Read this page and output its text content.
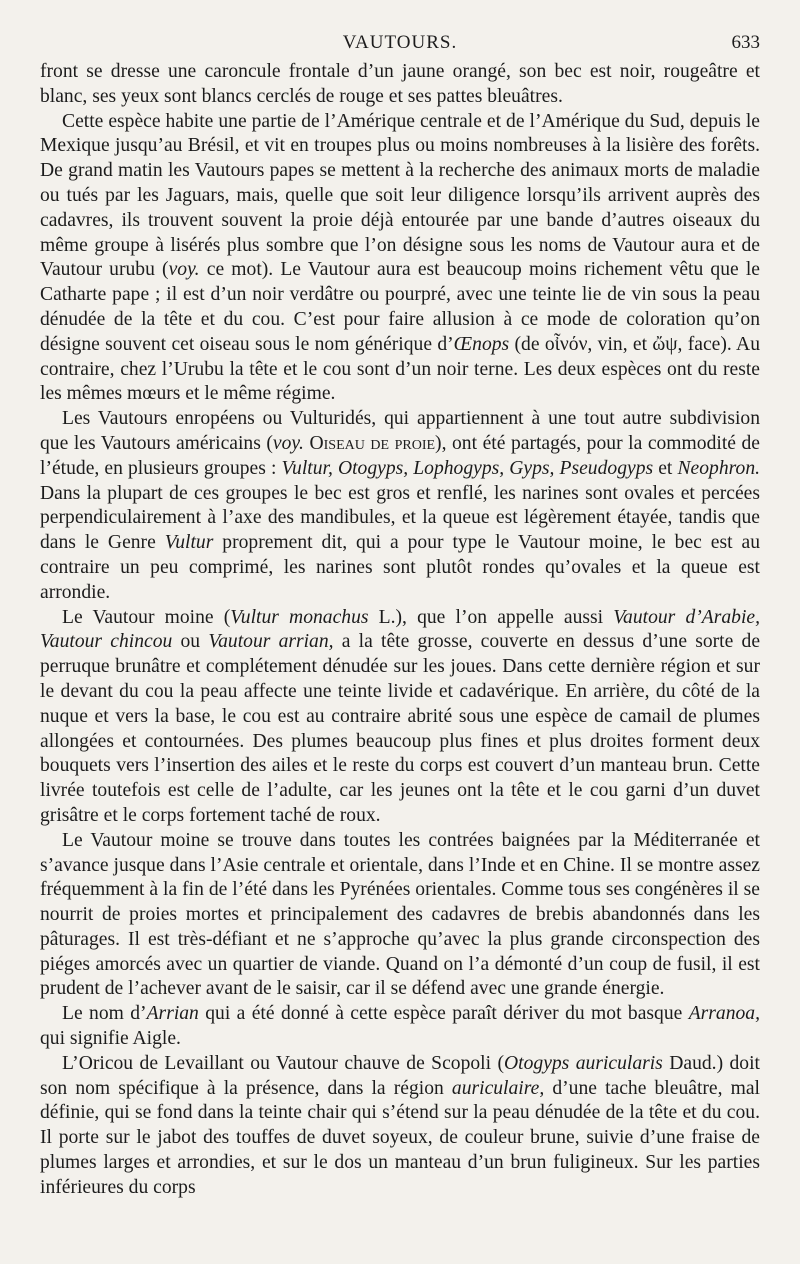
VAUTOURS.	633

front se dresse une caroncule frontale d’un jaune orangé, son bec est noir, rougeâtre et blanc, ses yeux sont blancs cerclés de rouge et ses pattes bleuâtres.

Cette espèce habite une partie de l’Amérique centrale et de l’Amérique du Sud, depuis le Mexique jusqu’au Brésil, et vit en troupes plus ou moins nombreuses à la lisière des forêts. De grand matin les Vautours papes se mettent à la recherche des animaux morts de maladie ou tués par les Jaguars, mais, quelle que soit leur diligence lorsqu’ils arrivent auprès des cadavres, ils trouvent souvent la proie déjà entourée par une bande d’autres oiseaux du même groupe à lisérés plus sombre que l’on désigne sous les noms de Vautour aura et de Vautour urubu (voy. ce mot). Le Vautour aura est beaucoup moins richement vêtu que le Catharte pape ; il est d’un noir verdâtre ou pourpré, avec une teinte lie de vin sous la peau dénudée de la tête et du cou. C’est pour faire allusion à ce mode de coloration qu’on désigne souvent cet oiseau sous le nom générique d’Œnops (de οἶνόν, vin, et ὤψ, face). Au contraire, chez l’Urubu la tête et le cou sont d’un noir terne. Les deux espèces ont du reste les mêmes mœurs et le même régime.

Les Vautours enropéens ou Vulturidés, qui appartiennent à une tout autre subdivision que les Vautours américains (voy. Oiseau de proie), ont été partagés, pour la commodité de l’étude, en plusieurs groupes : Vultur, Otogyps, Lophogyps, Gyps, Pseudogyps et Neophron. Dans la plupart de ces groupes le bec est gros et renflé, les narines sont ovales et percées perpendiculairement à l’axe des mandibules, et la queue est légèrement étayée, tandis que dans le Genre Vultur proprement dit, qui a pour type le Vautour moine, le bec est au contraire un peu comprimé, les narines sont plutôt rondes qu’ovales et la queue est arrondie.

Le Vautour moine (Vultur monachus L.), que l’on appelle aussi Vautour d’Arabie, Vautour chincou ou Vautour arrian, a la tête grosse, couverte en dessus d’une sorte de perruque brunâtre et complétement dénudée sur les joues. Dans cette dernière région et sur le devant du cou la peau affecte une teinte livide et cadavérique. En arrière, du côté de la nuque et vers la base, le cou est au contraire abrité sous une espèce de camail de plumes allongées et contournées. Des plumes beaucoup plus fines et plus droites forment deux bouquets vers l’insertion des ailes et le reste du corps est couvert d’un manteau brun. Cette livrée toutefois est celle de l’adulte, car les jeunes ont la tête et le cou garni d’un duvet grisâtre et le corps fortement taché de roux.

Le Vautour moine se trouve dans toutes les contrées baignées par la Méditerranée et s’avance jusque dans l’Asie centrale et orientale, dans l’Inde et en Chine. Il se montre assez fréquemment à la fin de l’été dans les Pyrénées orientales. Comme tous ses congénères il se nourrit de proies mortes et principalement des cadavres de brebis abandonnés dans les pâturages. Il est très-défiant et ne s’approche qu’avec la plus grande circonspection des piéges amorcés avec un quartier de viande. Quand on l’a démonté d’un coup de fusil, il est prudent de l’achever avant de le saisir, car il se défend avec une grande énergie.

Le nom d’Arrian qui a été donné à cette espèce paraît dériver du mot basque Arranoa, qui signifie Aigle.

L’Oricou de Levaillant ou Vautour chauve de Scopoli (Otogyps auricularis Daud.) doit son nom spécifique à la présence, dans la région auriculaire, d’une tache bleuâtre, mal définie, qui se fond dans la teinte chair qui s’étend sur la peau dénudée de la tête et du cou. Il porte sur le jabot des touffes de duvet soyeux, de couleur brune, suivie d’une fraise de plumes larges et arrondies, et sur le dos un manteau d’un brun fuligineux. Sur les parties inférieures du corps
